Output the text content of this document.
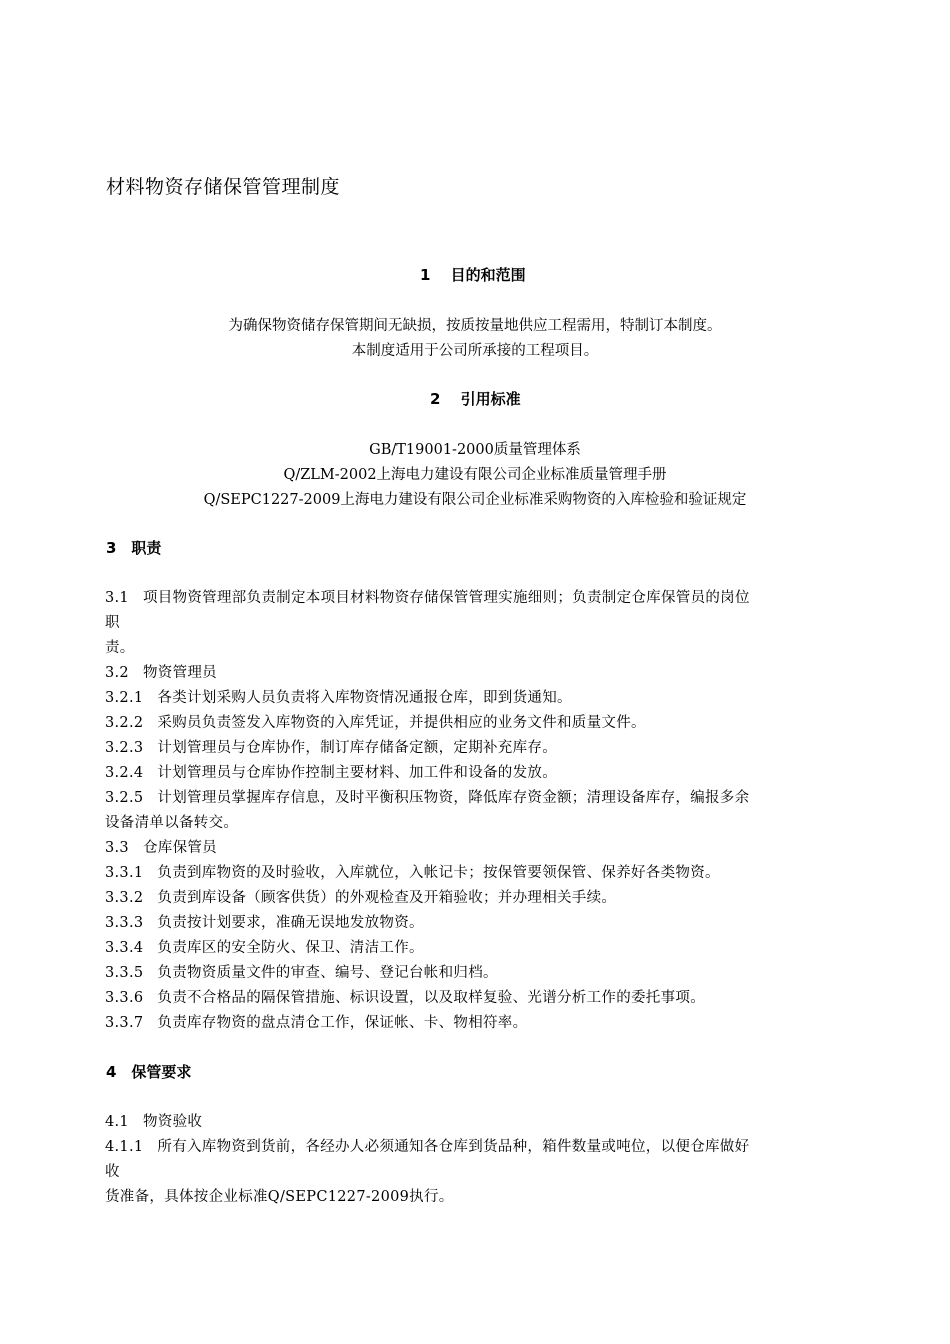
材料物资存储保管管理制度
1　 目的和范围
为确保物资储存保管期间无缺损，按质按量地供应工程需用，特制订本制度。
本制度适用于公司所承接的工程项目。
2　 引用标准
GB/T19001-2000质量管理体系
Q/ZLM-2002上海电力建设有限公司企业标准质量管理手册
Q/SEPC1227-2009上海电力建设有限公司企业标准采购物资的入库检验和验证规定
3　职责
3.1 项目物资管理部负责制定本项目材料物资存储保管管理实施细则；负责制定仓库保管员的岗位
职
责。
3.2 物资管理员
3.2.1 各类计划采购人员负责将入库物资情况通报仓库，即到货通知。
3.2.2 采购员负责签发入库物资的入库凭证，并提供相应的业务文件和质量文件。
3.2.3 计划管理员与仓库协作，制订库存储备定额，定期补充库存。
3.2.4 计划管理员与仓库协作控制主要材料、加工件和设备的发放。
3.2.5 计划管理员掌握库存信息，及时平衡积压物资，降低库存资金额；清理设备库存，编报多余
设备清单以备转交。
3.3 仓库保管员
3.3.1 负责到库物资的及时验收，入库就位，入帐记卡；按保管要领保管、保养好各类物资。
3.3.2 负责到库设备（顾客供货）的外观检查及开箱验收；并办理相关手续。
3.3.3 负责按计划要求，准确无误地发放物资。
3.3.4 负责库区的安全防火、保卫、清洁工作。
3.3.5 负责物资质量文件的审查、编号、登记台帐和归档。
3.3.6 负责不合格品的隔保管措施、标识设置，以及取样复验、光谱分析工作的委托事项。
3.3.7 负责库存物资的盘点清仓工作，保证帐、卡、物相符率。
4　保管要求
4.1 物资验收
4.1.1 所有入库物资到货前，各经办人必须通知各仓库到货品种，箱件数量或吨位，以便仓库做好
收
货准备，具体按企业标准Q/SEPC1227-2009执行。
